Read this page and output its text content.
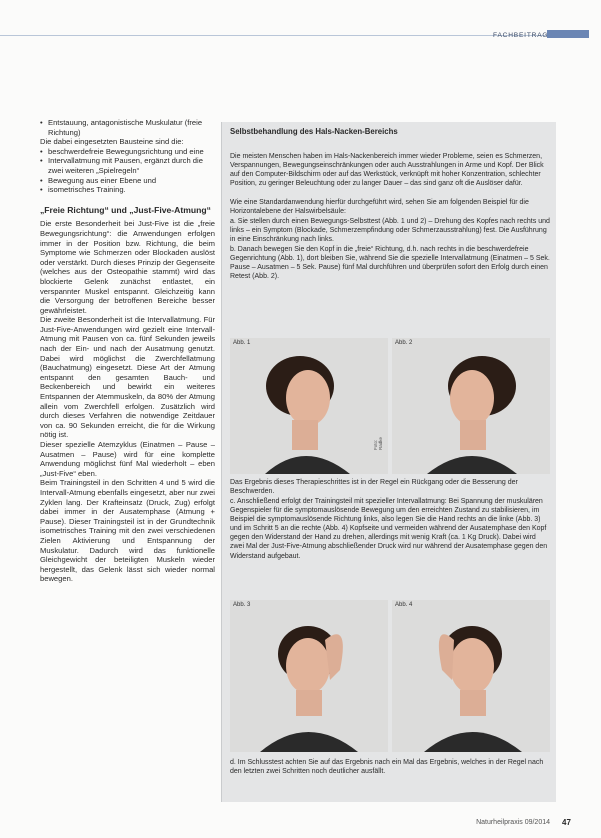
FACHBEITRAG
• Entstauung, antagonistische Muskulatur (freie Richtung)

Die dabei eingesetzten Bausteine sind die:

• beschwerdefreie Bewegungsrichtung und eine
• Intervallatmung mit Pausen, ergänzt durch die zwei weiteren „Spielregeln“
• Bewegung aus einer Ebene und
• isometrisches Training.
„Freie Richtung“ und „Just-Five-Atmung“

Die erste Besonderheit bei Just-Five ist die „freie Bewegungsrichtung“: die Anwendungen erfolgen immer in der Position bzw. Richtung, die beim Symptome wie Schmerzen oder Blockaden auslöst oder verstärkt. Durch dieses Prinzip der Gegenseite (welches aus der Osteopathie stammt) wird das blockierte Gelenk zunächst entlastet, ein verspannter Muskel entspannt. Gleichzeitig kann die Versorgung der betroffenen Bereiche besser gewährleistet.

Die zweite Besonderheit ist die Intervallatmung. Für Just-Five-Anwendungen wird gezielt eine Intervall-Atmung mit Pausen von ca. fünf Sekunden jeweils nach der Ein- und nach der Ausatmung genutzt. Dabei wird möglichst die Zwerchfellatmung (Bauchatmung) eingesetzt. Diese Art der Atmung entspannt den gesamten Bauch- und Beckenbereich und bewirkt ein weiteres Entspannen der Atemmuskeln, da 80% der Atmung allein vom Zwerchfell erfolgen. Zusätzlich wird durch dieses Verfahren die notwendige Zeitdauer von ca. 90 Sekunden erreicht, die für die Wirkung nötig ist.

Dieser spezielle Atemzyklus (Einatmen – Pause – Ausatmen – Pause) wird für eine komplette Anwendung möglichst fünf Mal wiederholt – eben „Just-Five“ eben.

Beim Trainingsteil in den Schritten 4 und 5 wird die Intervall-Atmung ebenfalls eingesetzt, aber nur zwei Zyklen lang. Der Krafteinsatz (Druck, Zug) erfolgt dabei immer in der Ausatemphase (Atmung + Pause). Dieser Trainingsteil ist in der Grundtechnik isometrisches Training mit den zwei verschiedenen Zielen Aktivierung und Entspannung der Muskulatur. Dadurch wird das funktionelle Gleichgewicht der beteiligten Muskeln wieder hergestellt, das Gelenk lässt sich wieder normal bewegen.

Selbstbehandlung des Hals-Nacken-Bereichs
Die meisten Menschen haben im Hals-Nackenbereich immer wieder Probleme, seien es Schmerzen, Verspannungen, Bewegungseinschränkungen oder auch Ausstrahlungen in Arme und Kopf. Der Blick auf den Computer-Bildschirm oder auf das Werkstück, verknüpft mit hoher Konzentration, schlechter Position, zu geringer Beleuchtung oder zu langer Dauer – das sind ganz oft die Auslöser dafür.
Wie eine Standardanwendung hierfür durchgeführt wird, sehen Sie am folgenden Beispiel für die Horizontalebene der Halswirbelsäule:
a. Sie stellen durch einen Bewegungs-Selbsttest (Abb. 1 und 2) – Drehung des Kopfes nach rechts und links – ein Symptom (Blockade, Schmerzempfindung oder Schmerzausstrahlung) fest. Die Ausführung in eine Einschränkung nach links.
b. Danach bewegen Sie den Kopf in die „freie“ Richtung, d.h. nach rechts in die beschwerdefreie Gegenrichtung (Abb. 1), dort bleiben Sie, während Sie die spezielle Intervallatmung (Einatmen – 5 Sek. Pause – Ausatmen – 5 Sek. Pause) fünf Mal durchführen und überprüfen sofort den Erfolg durch einen Retest (Abb. 2).
Abb. 1
Foto: Radke
Abb. 2
Das Ergebnis dieses Therapieschrittes ist in der Regel ein Rückgang oder die Besserung der Beschwerden.
c. Anschließend erfolgt der Trainingsteil mit spezieller Intervallatmung: Bei Spannung der muskulären Gegenspieler für die symptomauslösende Bewegung um den erreichten Zustand zu stabilisieren, im Beispiel die symptomauslösende Richtung links, also legen Sie die Hand rechts an die linke (Abb. 3) und im Schritt 5 an die rechte (Abb. 4) Kopfseite und vermeiden während der Ausatemphase den Kopf gegen den Widerstand der Hand zu drehen, allerdings mit wenig Kraft (ca. 1 Kg Druck). Dabei wird zwei Mal der Just-Five-Atmung abschließender Druck wird nur während der Ausatemphase gegen den Widerstand aufgebaut.
Abb. 3	Abb. 4
d. Im Schlusstest achten Sie auf das Ergebnis nach ein Mal das Ergebnis, welches in der Regel nach den letzten zwei Schritten noch deutlicher ausfällt.
Naturheilpraxis 09/2014 47
